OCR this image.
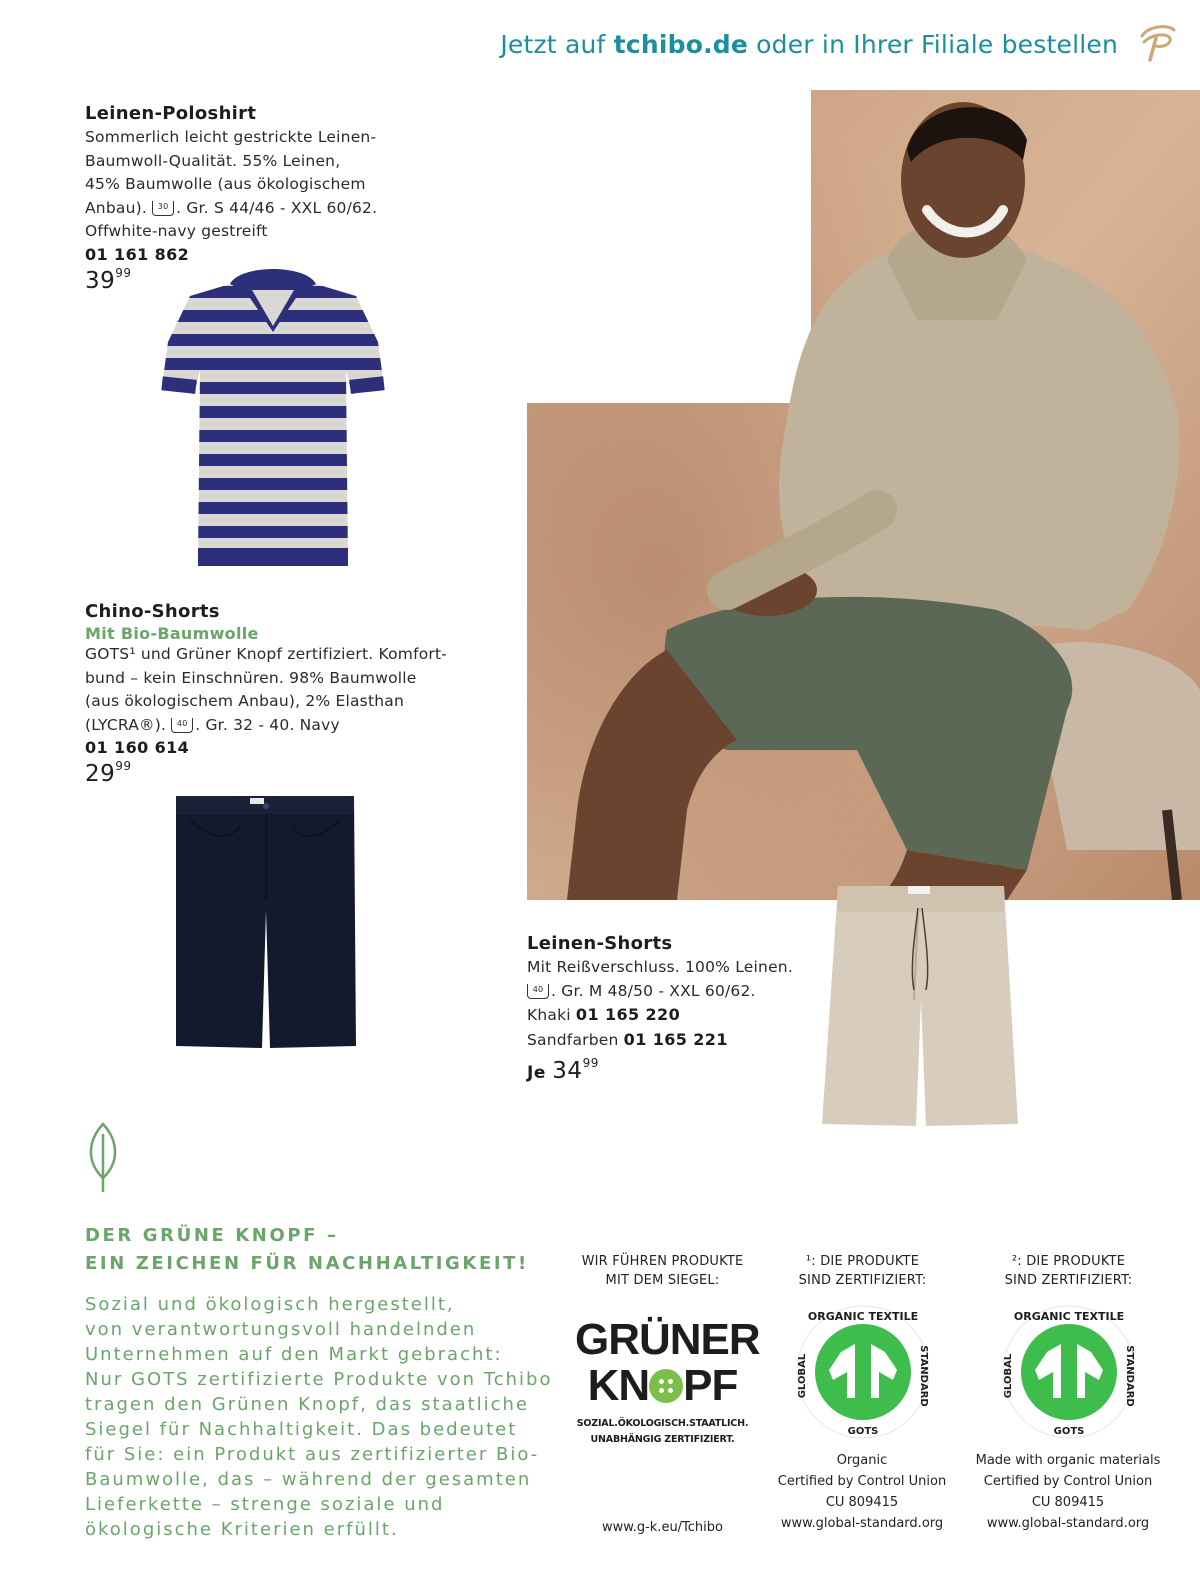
Jetzt auf tchibo.de oder in Ihrer Filiale bestellen
Leinen-Poloshirt
Sommerlich leicht gestrickte Leinen-
Baumwoll-Qualität. 55% Leinen,
45% Baumwolle (aus ökologischem
Anbau). 30 . Gr. S 44/46 - XXL 60/62.
Offwhite-navy gestreift
01 161 862
$39^{99}$
Chino-Shorts
Mit Bio-Baumwolle
GOTS¹ und Grüner Knopf zertifiziert. Komfort-
bund – kein Einschnüren. 98% Baumwolle
(aus ökologischem Anbau), 2% Elasthan
(LYCRA®). 40 . Gr. 32 - 40. Navy
01 160 614
$29^{99}$
Leinen-Shorts
Mit Reißverschluss. 100% Leinen.
40 . Gr. M 48/50 - XXL 60/62.
Khaki 01 165 220
Sandfarben 01 165 221
Je $34^{99}$
DER GRÜNE KNOPF –
EIN ZEICHEN FÜR NACHHALTIGKEIT!
Sozial und ökologisch hergestellt,
von verantwortungsvoll handelnden
Unternehmen auf den Markt gebracht:
Nur GOTS zertifizierte Produkte von Tchibo
tragen den Grünen Knopf, das staatliche
Siegel für Nachhaltigkeit. Das bedeutet
für Sie: ein Produkt aus zertifizierter Bio-
Baumwolle, das – während der gesamten
Lieferkette – strenge soziale und
ökologische Kriterien erfüllt.
WIR FÜHREN PRODUKTE
MIT DEM SIEGEL:
GRÜNER
KN PF
SOZIAL.ÖKOLOGISCH.STAATLICH.
UNABHÄNGIG ZERTIFIZIERT.
www.g-k.eu/Tchibo
¹: DIE PRODUKTE
SIND ZERTIFIZIERT:
ORGANIC TEXTILE
GLOBAL	STANDARD
GOTS
Organic
Certified by Control Union
CU 809415
www.global-standard.org
²: DIE PRODUKTE
SIND ZERTIFIZIERT:
ORGANIC TEXTILE
GLOBAL	STANDARD
GOTS
Made with organic materials
Certified by Control Union
CU 809415
www.global-standard.org
